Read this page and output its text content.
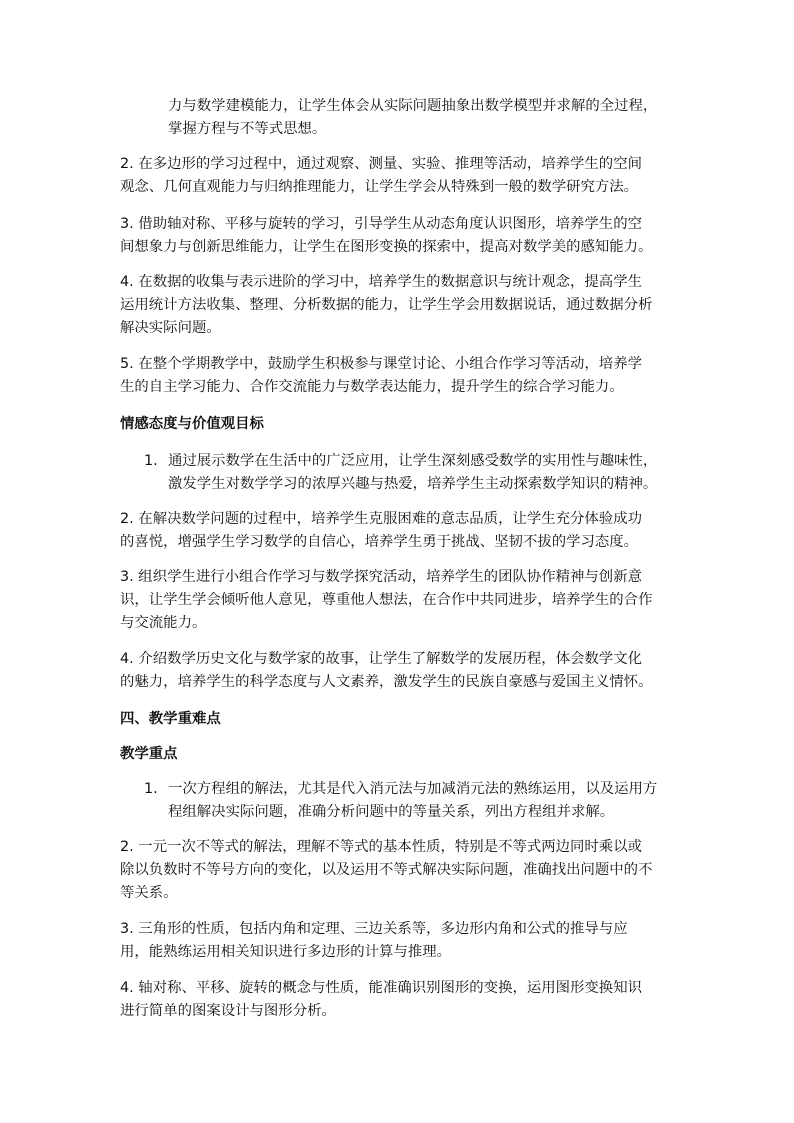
力与数学建模能力，让学生体会从实际问题抽象出数学模型并求解的全过程，
掌握方程与不等式思想。

2. 在多边形的学习过程中，通过观察、测量、实验、推理等活动，培养学生的空间
观念、几何直观能力与归纳推理能力，让学生学会从特殊到一般的数学研究方法。

3. 借助轴对称、平移与旋转的学习，引导学生从动态角度认识图形，培养学生的空
间想象力与创新思维能力，让学生在图形变换的探索中，提高对数学美的感知能力。

4. 在数据的收集与表示进阶的学习中，培养学生的数据意识与统计观念，提高学生
运用统计方法收集、整理、分析数据的能力，让学生学会用数据说话，通过数据分析
解决实际问题。

5. 在整个学期教学中，鼓励学生积极参与课堂讨论、小组合作学习等活动，培养学
生的自主学习能力、合作交流能力与数学表达能力，提升学生的综合学习能力。

情感态度与价值观目标

1. 通过展示数学在生活中的广泛应用，让学生深刻感受数学的实用性与趣味性，
激发学生对数学学习的浓厚兴趣与热爱，培养学生主动探索数学知识的精神。

2. 在解决数学问题的过程中，培养学生克服困难的意志品质，让学生充分体验成功
的喜悦，增强学生学习数学的自信心，培养学生勇于挑战、坚韧不拔的学习态度。

3. 组织学生进行小组合作学习与数学探究活动，培养学生的团队协作精神与创新意
识，让学生学会倾听他人意见，尊重他人想法，在合作中共同进步，培养学生的合作
与交流能力。

4. 介绍数学历史文化与数学家的故事，让学生了解数学的发展历程，体会数学文化
的魅力，培养学生的科学态度与人文素养，激发学生的民族自豪感与爱国主义情怀。

四、教学重难点

教学重点

1. 一次方程组的解法，尤其是代入消元法与加减消元法的熟练运用，以及运用方
程组解决实际问题，准确分析问题中的等量关系，列出方程组并求解。

2. 一元一次不等式的解法，理解不等式的基本性质，特别是不等式两边同时乘以或
除以负数时不等号方向的变化，以及运用不等式解决实际问题，准确找出问题中的不
等关系。

3. 三角形的性质，包括内角和定理、三边关系等，多边形内角和公式的推导与应
用，能熟练运用相关知识进行多边形的计算与推理。

4. 轴对称、平移、旋转的概念与性质，能准确识别图形的变换，运用图形变换知识
进行简单的图案设计与图形分析。
